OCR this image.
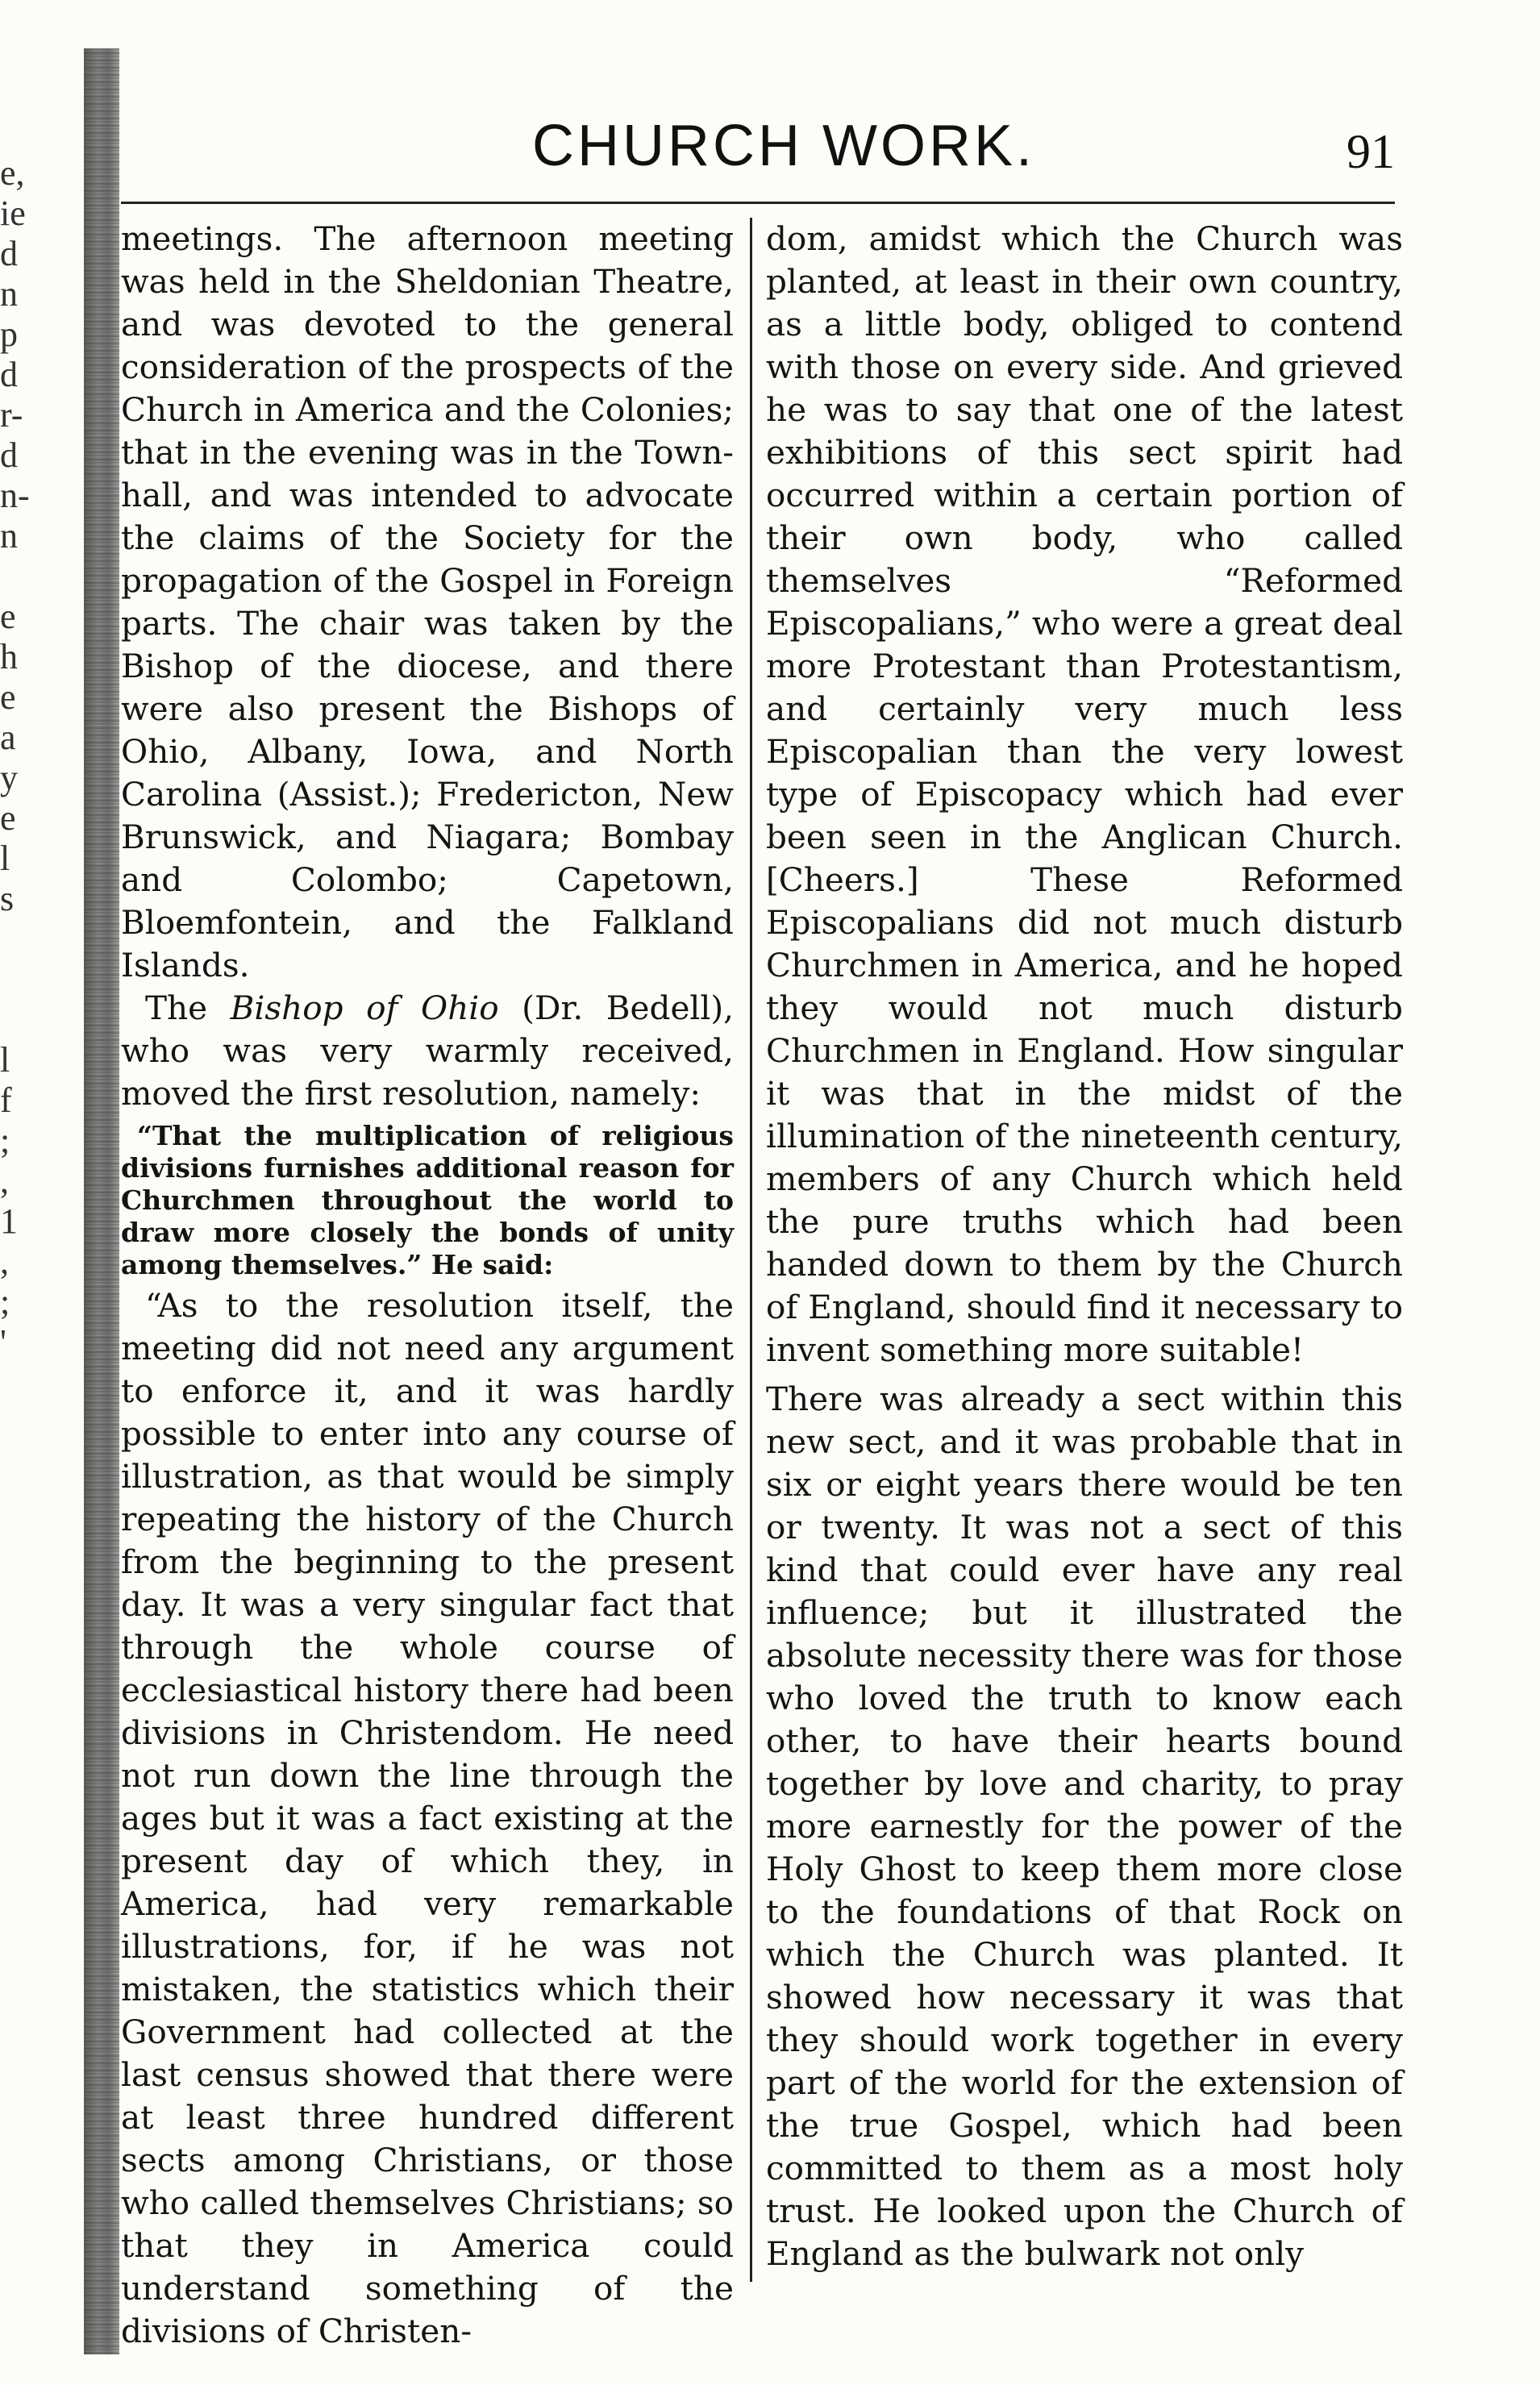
e,
ie
d
n
p
d
r-
d
n-
n
e
h
e
a
y
e
l
s
l
f
;
,
1
,
;
'
CHURCH WORK.	91

meetings. The afternoon meeting was held in the Sheldonian Theatre, and was devoted to the general consideration of the prospects of the Church in America and the Colonies; that in the evening was in the Town-hall, and was intended to advocate the claims of the Society for the propagation of the Gospel in Foreign parts. The chair was taken by the Bishop of the diocese, and there were also present the Bishops of Ohio, Albany, Iowa, and North Carolina (Assist.); Fredericton, New Brunswick, and Niagara; Bombay and Colombo; Capetown, Bloemfontein, and the Falkland Islands.

The Bishop of Ohio (Dr. Bedell), who was very warmly received, moved the first resolution, namely:

“That the multiplication of religious divisions furnishes additional reason for Churchmen throughout the world to draw more closely the bonds of unity among themselves.” He said:

“As to the resolution itself, the meeting did not need any argument to enforce it, and it was hardly possible to enter into any course of illustration, as that would be simply repeating the history of the Church from the beginning to the present day. It was a very singular fact that through the whole course of ecclesiastical history there had been divisions in Christendom. He need not run down the line through the ages but it was a fact existing at the present day of which they, in America, had very remarkable illustrations, for, if he was not mistaken, the statistics which their Government had collected at the last census showed that there were at least three hundred different sects among Christians, or those who called themselves Christians; so that they in America could understand something of the divisions of Christen-

dom, amidst which the Church was planted, at least in their own country, as a little body, obliged to contend with those on every side. And grieved he was to say that one of the latest exhibitions of this sect spirit had occurred within a certain portion of their own body, who called themselves “Reformed Episcopalians,” who were a great deal more Protestant than Protestantism, and certainly very much less Episcopalian than the very lowest type of Episcopacy which had ever been seen in the Anglican Church. [Cheers.] These Reformed Episcopalians did not much disturb Churchmen in America, and he hoped they would not much disturb Churchmen in England. How singular it was that in the midst of the illumination of the nineteenth century, members of any Church which held the pure truths which had been handed down to them by the Church of England, should find it necessary to invent something more suitable!

There was already a sect within this new sect, and it was probable that in six or eight years there would be ten or twenty. It was not a sect of this kind that could ever have any real influence; but it illustrated the absolute necessity there was for those who loved the truth to know each other, to have their hearts bound together by love and charity, to pray more earnestly for the power of the Holy Ghost to keep them more close to the foundations of that Rock on which the Church was planted. It showed how necessary it was that they should work together in every part of the world for the extension of the true Gospel, which had been committed to them as a most holy trust. He looked upon the Church of England as the bulwark not only
